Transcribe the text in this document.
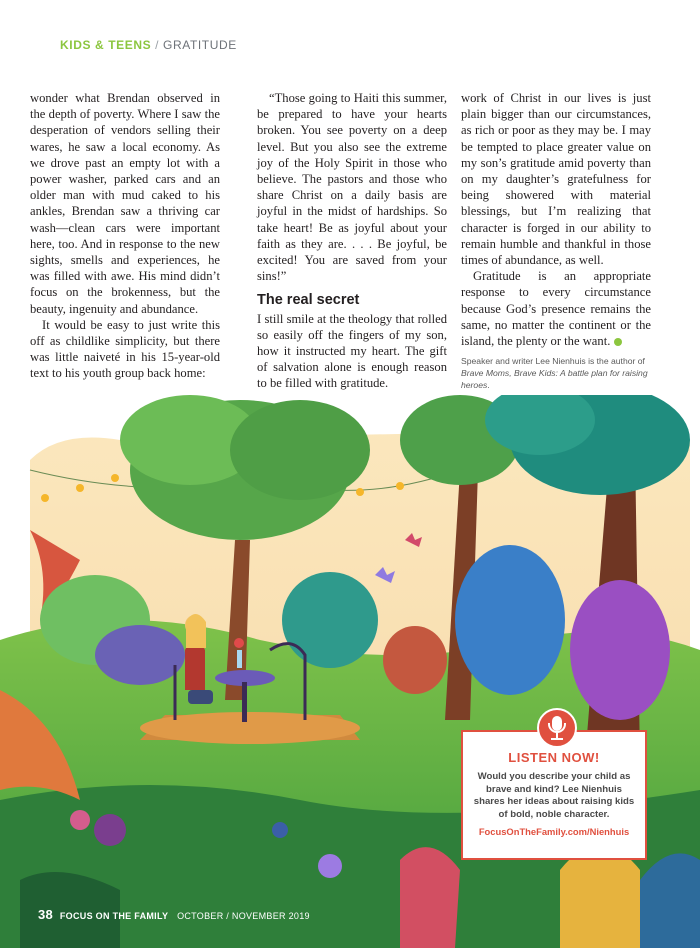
KIDS & TEENS / GRATITUDE

wonder what Brendan observed in the depth of poverty. Where I saw the desperation of vendors selling their wares, he saw a local economy. As we drove past an empty lot with a power washer, parked cars and an older man with mud caked to his ankles, Brendan saw a thriving car wash—clean cars were important here, too. And in response to the new sights, smells and experiences, he was filled with awe. His mind didn’t focus on the brokenness, but the beauty, ingenuity and abundance.

It would be easy to just write this off as childlike simplicity, but there was little naiveté in his 15-year-old text to his youth group back home:

“Those going to Haiti this summer, be prepared to have your hearts broken. You see poverty on a deep level. But you also see the extreme joy of the Holy Spirit in those who believe. The pastors and those who share Christ on a daily basis are joyful in the midst of hardships. So take heart! Be as joyful about your faith as they are. . . . Be joyful, be excited! You are saved from your sins!”

The real secret

I still smile at the theology that rolled so easily off the fingers of my son, how it instructed my heart. The gift of salvation alone is enough reason to be filled with gratitude.

work of Christ in our lives is just plain bigger than our circumstances, as rich or poor as they may be. I may be tempted to place greater value on my son’s gratitude amid poverty than on my daughter’s gratefulness for being showered with material blessings, but I’m realizing that character is forged in our ability to remain humble and thankful in those times of abundance, as well.

Gratitude is an appropriate response to every circumstance because God’s presence remains the same, no matter the continent or the island, the plenty or the want.

Speaker and writer Lee Nienhuis is the author of Brave Moms, Brave Kids: A battle plan for raising heroes.

LISTEN NOW!
Would you describe your child as brave and kind? Lee Nienhuis shares her ideas about raising kids of bold, noble character.
FocusOnTheFamily.com/Nienhuis
38 FOCUS ON THE FAMILY OCTOBER / NOVEMBER 2019
